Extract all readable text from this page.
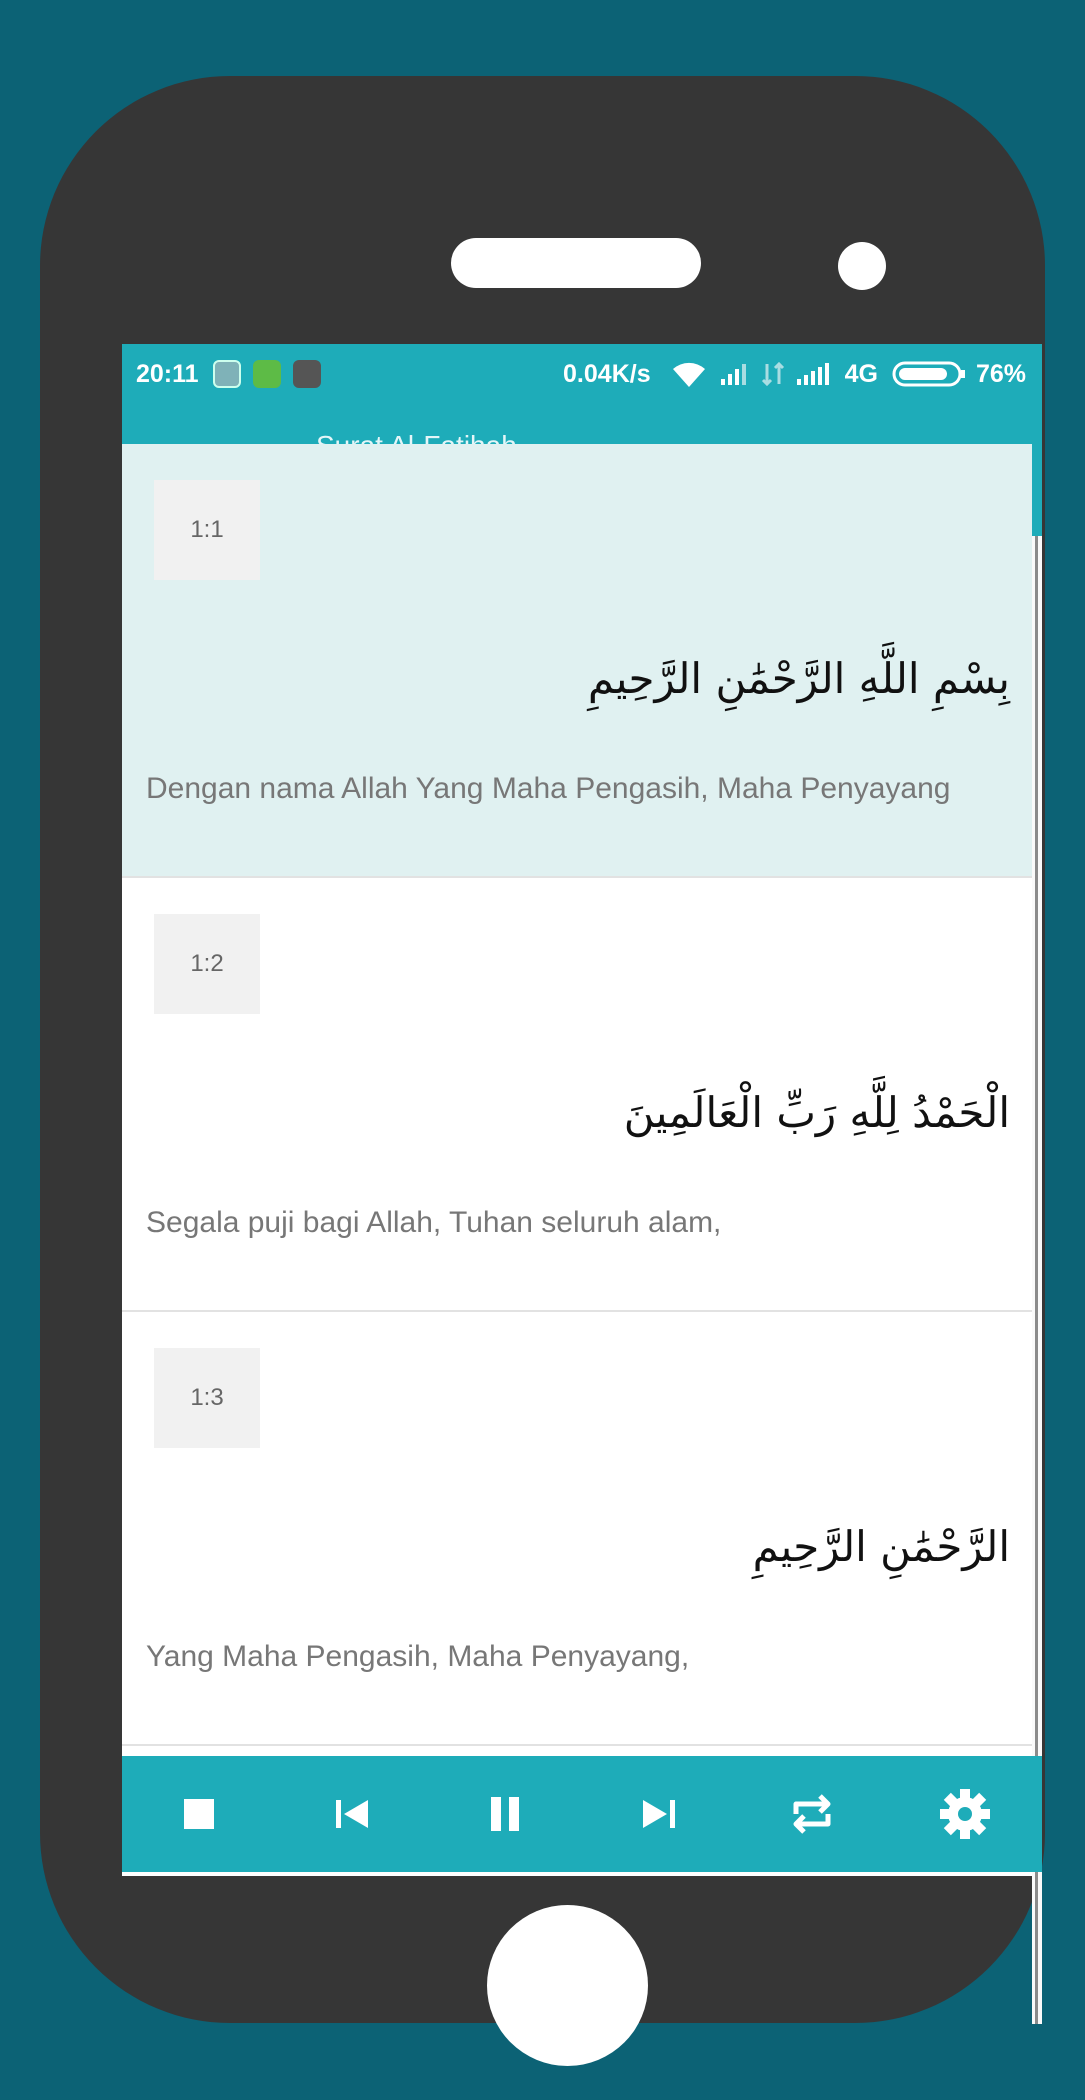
20:11	0.04K/s	4G	76%
1:1
بِسْمِ اللَّهِ الرَّحْمَٰنِ الرَّحِيمِ
Dengan nama Allah Yang Maha Pengasih, Maha Penyayang
1:2
الْحَمْدُ لِلَّهِ رَبِّ الْعَالَمِينَ
Segala puji bagi Allah, Tuhan seluruh alam,
1:3
الرَّحْمَٰنِ الرَّحِيمِ
Yang Maha Pengasih, Maha Penyayang,
